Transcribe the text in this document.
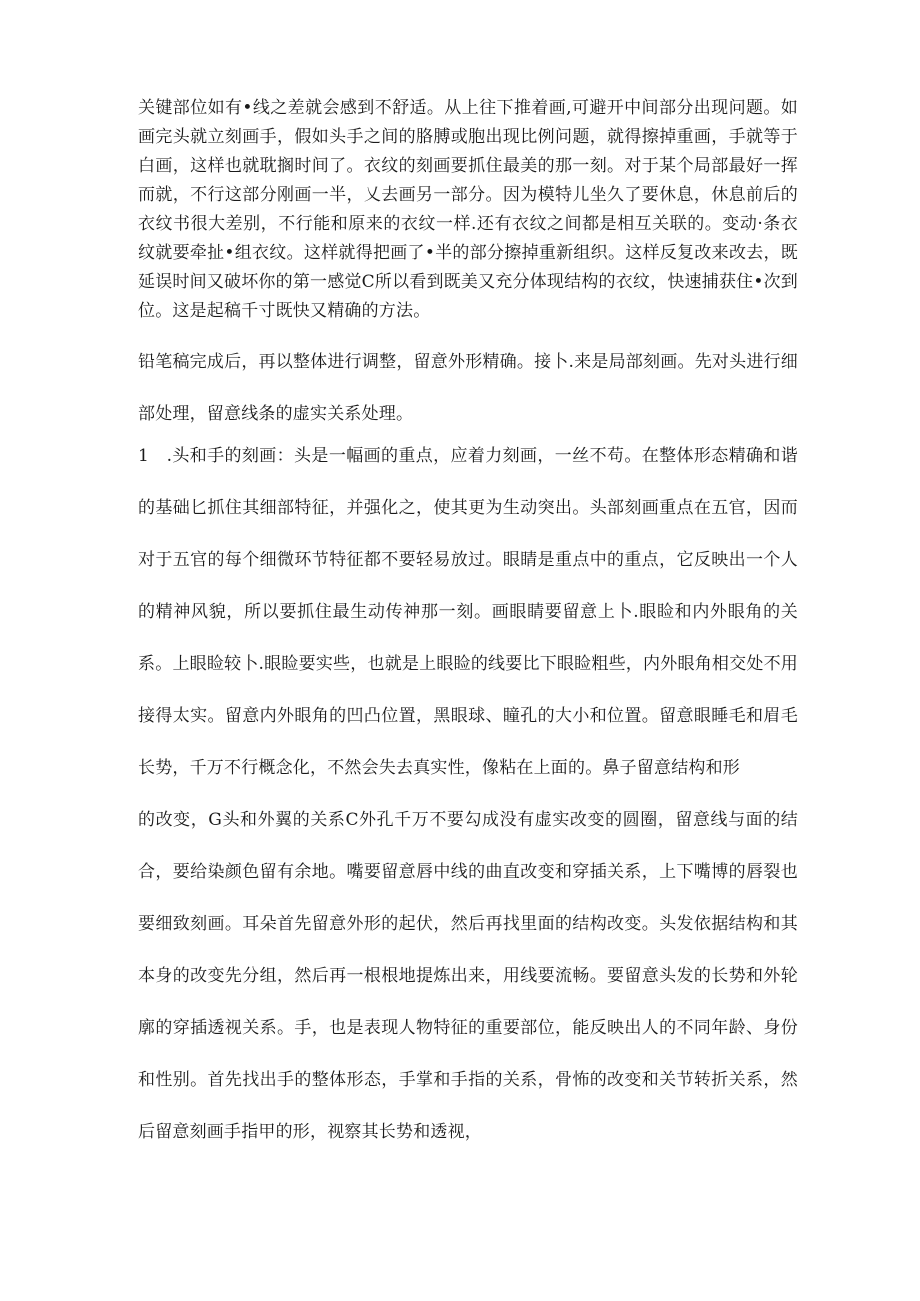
关键部位如有•线之差就会感到不舒适。从上往下推着画,可避开中间部分出现问题。如画完头就立刻画手，假如头手之间的胳膊或胞出现比例问题，就得擦掉重画，手就等于白画，这样也就耽搁时间了。衣纹的刻画要抓住最美的那一刻。对于某个局部最好一挥而就，不行这部分刚画一半，乂去画另一部分。因为模特儿坐久了要休息，休息前后的衣纹书很大差别，不行能和原来的衣纹一样.还有衣纹之间都是相互关联的。变动·条衣纹就要牵扯•组衣纹。这样就得把画了•半的部分擦掉重新组织。这样反复改来改去，既延误时间又破坏你的第一感觉C所以看到既美又充分体现结构的衣纹，快速捕获住•次到位。这是起稿千寸既快又精确的方法。

铅笔稿完成后，再以整体进行调整，留意外形精确。接卜.来是局部刻画。先对头进行细部处理，留意线条的虚实关系处理。

1　.头和手的刻画：头是一幅画的重点，应着力刻画，一丝不苟。在整体形态精确和谐的基础匕抓住其细部特征，并强化之，使其更为生动突出。头部刻画重点在五官，因而对于五官的每个细微环节特征都不要轻易放过。眼睛是重点中的重点，它反映出一个人的精神风貌，所以要抓住最生动传神那一刻。画眼睛要留意上卜.眼睑和内外眼角的关系。上眼睑较卜.眼睑要实些，也就是上眼睑的线要比下眼睑粗些，内外眼角相交处不用接得太实。留意内外眼角的凹凸位置，黑眼球、瞳孔的大小和位置。留意眼睡毛和眉毛长势，千万不行概念化，不然会失去真实性，像粘在上面的。鼻子留意结构和形

的改变，G头和外翼的关系C外孔千万不要勾成没有虚实改变的圆圈，留意线与面的结合，要给染颜色留有余地。嘴要留意唇中线的曲直改变和穿插关系，上下嘴博的唇裂也要细致刻画。耳朵首先留意外形的起伏，然后再找里面的结构改变。头发依据结构和其本身的改变先分组，然后再一根根地提炼出来，用线要流畅。要留意头发的长势和外轮廓的穿插透视关系。手，也是表现人物特征的重要部位，能反映出人的不同年龄、身份和性别。首先找出手的整体形态，手掌和手指的关系，骨怖的改变和关节转折关系，然后留意刻画手指甲的形，视察其长势和透视，
